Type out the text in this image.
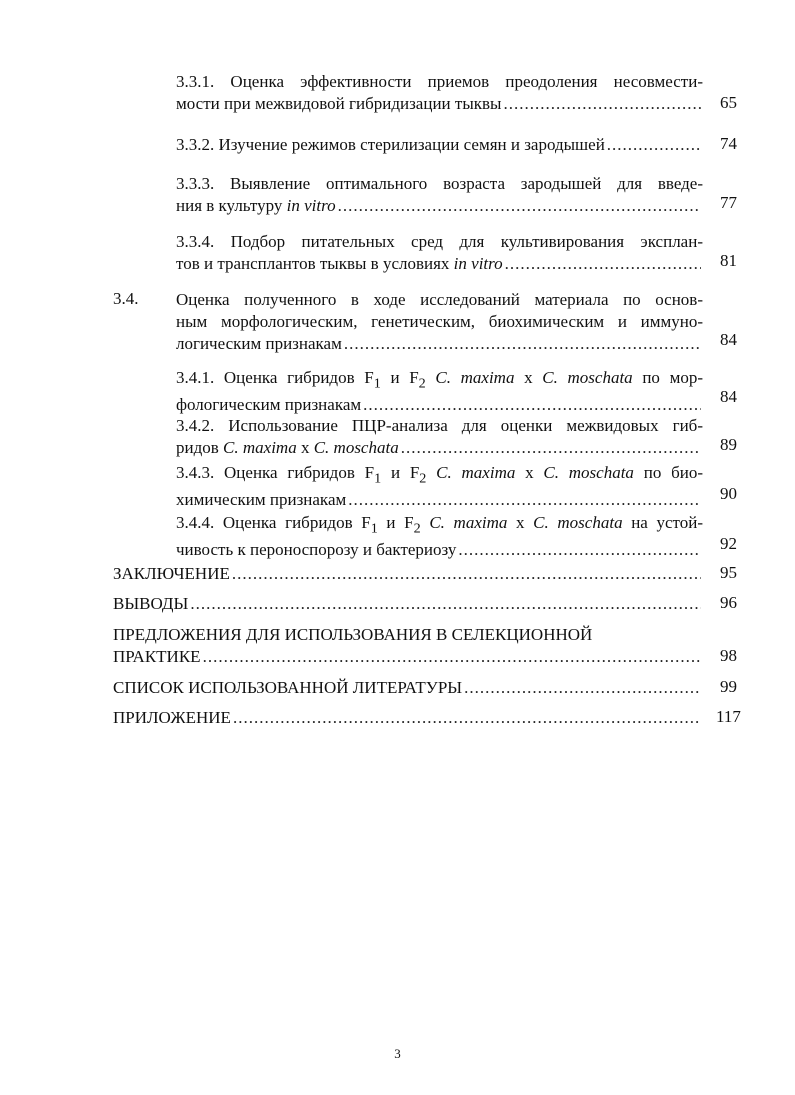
3.3.1. Оценка эффективности приемов преодоления несовмести-
мости при межвидовой гибридизации тыквы .....	65
3.3.2. Изучение режимов стерилизации семян и зародышей .....	74
3.3.3. Выявление оптимального возраста зародышей для введе-
ния в культуру in vitro .....	77
3.3.4. Подбор питательных сред для культивирования эксплан-
тов и трансплантов тыквы в условиях in vitro .....	81
3.4. Оценка полученного в ходе исследований материала по основ-
ным морфологическим, генетическим, биохимическим и иммуно-
логическим признакам .....	84
3.4.1. Оценка гибридов $F_1$ и $F_2$ C. maxima х C. moschata по мор-
фологическим признакам .....	84
3.4.2. Использование ПЦР-анализа для оценки межвидовых гиб-
ридов C. maxima х C. moschata .....	89
3.4.3. Оценка гибридов $F_1$ и $F_2$ C. maxima х C. moschata по био-
химическим признакам .....	90
3.4.4. Оценка гибридов $F_1$ и $F_2$ C. maxima х C. moschata на устой-
чивость к пероноспорозу и бактериозу .....	92
ЗАКЛЮЧЕНИЕ .....	95
ВЫВОДЫ .....	96
ПРЕДЛОЖЕНИЯ ДЛЯ ИСПОЛЬЗОВАНИЯ В СЕЛЕКЦИОННОЙ
ПРАКТИКЕ .....	98
СПИСОК ИСПОЛЬЗОВАННОЙ ЛИТЕРАТУРЫ .....	99
ПРИЛОЖЕНИЕ .....	117
3
